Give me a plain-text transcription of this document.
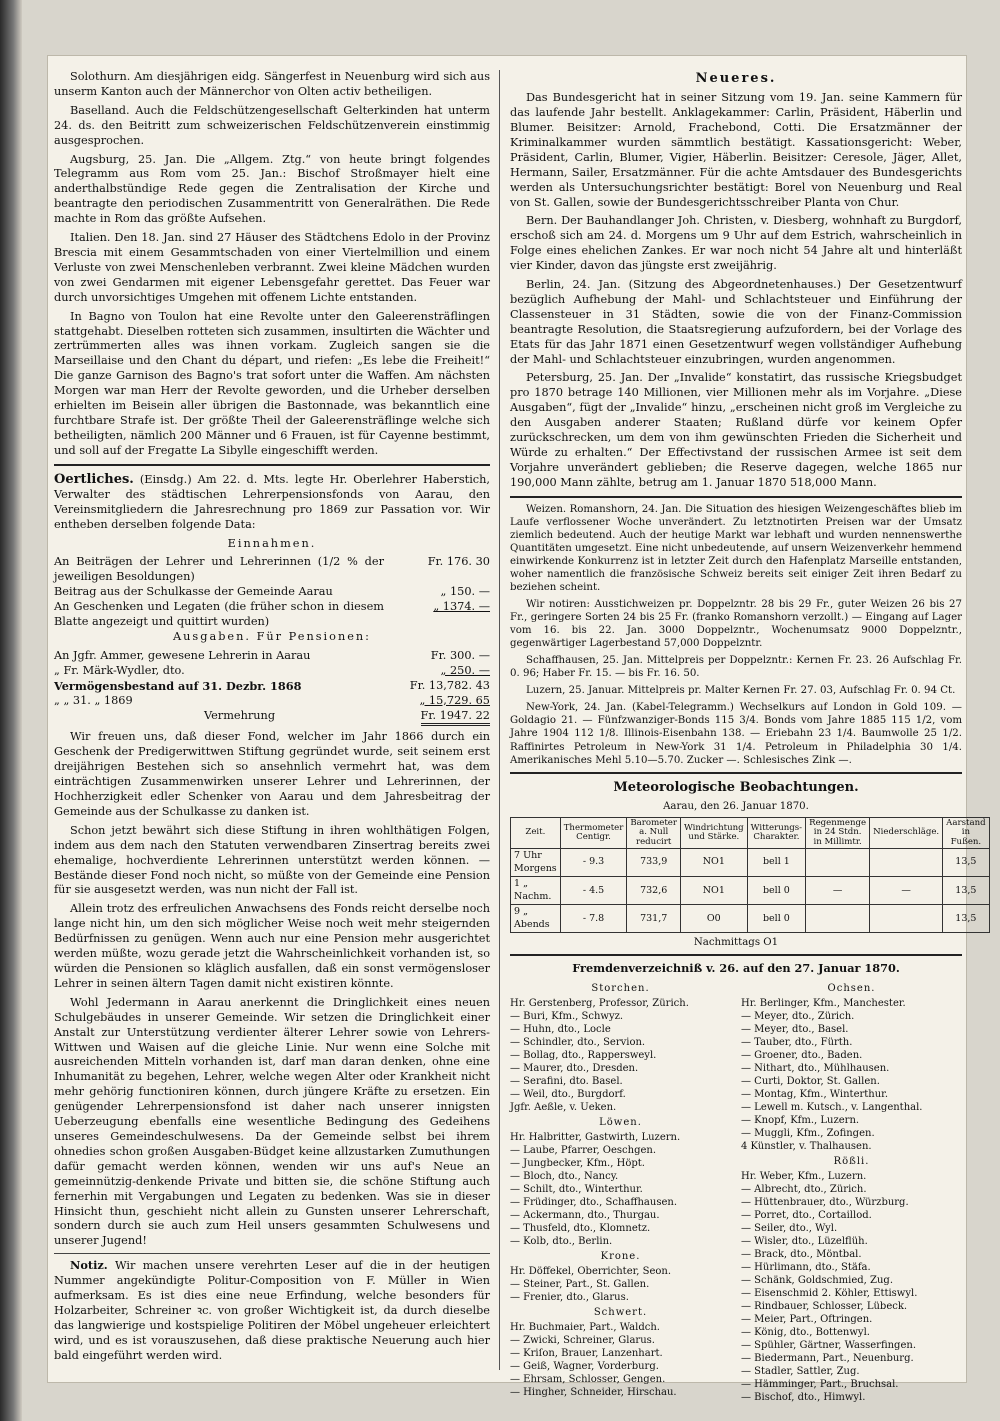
Solothurn. Am diesjährigen eidg. Sängerfest in Neuenburg wird sich aus unserm Kanton auch der Männerchor von Olten activ betheiligen.

Baselland. Auch die Feldschützengesellschaft Gelterkinden hat unterm 24. ds. den Beitritt zum schweizerischen Feldschützenverein einstimmig ausgesprochen.

Augsburg, 25. Jan. Die „Allgem. Ztg.“ von heute bringt folgendes Telegramm aus Rom vom 25. Jan.: Bischof Stroßmayer hielt eine anderthalbstündige Rede gegen die Zentralisation der Kirche und beantragte den periodischen Zusammentritt von Generalräthen. Die Rede machte in Rom das größte Aufsehen.

Italien. Den 18. Jan. sind 27 Häuser des Städtchens Edolo in der Provinz Brescia mit einem Gesammtschaden von einer Viertelmillion und einem Verluste von zwei Menschenleben verbrannt. Zwei kleine Mädchen wurden von zwei Gendarmen mit eigener Lebensgefahr gerettet. Das Feuer war durch unvorsichtiges Umgehen mit offenem Lichte entstanden.

In Bagno von Toulon hat eine Revolte unter den Galeerensträflingen stattgehabt. Dieselben rotteten sich zusammen, insultirten die Wächter und zertrümmerten alles was ihnen vorkam. Zugleich sangen sie die Marseillaise und den Chant du départ, und riefen: „Es lebe die Freiheit!“ Die ganze Garnison des Bagno's trat sofort unter die Waffen. Am nächsten Morgen war man Herr der Revolte geworden, und die Urheber derselben erhielten im Beisein aller übrigen die Bastonnade, was bekanntlich eine furchtbare Strafe ist. Der größte Theil der Galeerensträflinge welche sich betheiligten, nämlich 200 Männer und 6 Frauen, ist für Cayenne bestimmt, und soll auf der Fregatte La Sibylle eingeschifft werden.

Oertliches. (Einsdg.) Am 22. d. Mts. legte Hr. Oberlehrer Haberstich, Verwalter des städtischen Lehrerpensionsfonds von Aarau, den Vereinsmitgliedern die Jahresrechnung pro 1869 zur Passation vor. Wir entheben derselben folgende Data:

Einnahmen.

An Beiträgen der Lehrer und Lehrerinnen (1/2 % der jeweiligen Besoldungen)
Fr. 176. 30
Beitrag aus der Schulkasse der Gemeinde Aarau	„ 150. —
An Geschenken und Legaten (die früher schon in diesem Blatte angezeigt und quittirt wurden)
„ 1374. —

Ausgaben. Für Pensionen:

An Jgfr. Ammer, gewesene Lehrerin in Aarau	Fr. 300. —
„ Fr. Märk-Wydler, dto.	„ 250. —
Vermögensbestand auf 31. Dezbr. 1868	Fr. 13,782. 43
„ „ 31. „ 1869	„ 15,729. 65
Vermehrung	Fr. 1947. 22

Wir freuen uns, daß dieser Fond, welcher im Jahr 1866 durch ein Geschenk der Predigerwittwen Stiftung gegründet wurde, seit seinem erst dreijährigen Bestehen sich so ansehnlich vermehrt hat, was dem einträchtigen Zusammenwirken unserer Lehrer und Lehrerinnen, der Hochherzigkeit edler Schenker von Aarau und dem Jahresbeitrag der Gemeinde aus der Schulkasse zu danken ist.

Schon jetzt bewährt sich diese Stiftung in ihren wohlthätigen Folgen, indem aus dem nach den Statuten verwendbaren Zinsertrag bereits zwei ehemalige, hochverdiente Lehrerinnen unterstützt werden können. — Bestände dieser Fond noch nicht, so müßte von der Gemeinde eine Pension für sie ausgesetzt werden, was nun nicht der Fall ist.

Allein trotz des erfreulichen Anwachsens des Fonds reicht derselbe noch lange nicht hin, um den sich möglicher Weise noch weit mehr steigernden Bedürfnissen zu genügen. Wenn auch nur eine Pension mehr ausgerichtet werden müßte, wozu gerade jetzt die Wahrscheinlichkeit vorhanden ist, so würden die Pensionen so kläglich ausfallen, daß ein sonst vermögensloser Lehrer in seinen ältern Tagen damit nicht existiren könnte.

Wohl Jedermann in Aarau anerkennt die Dringlichkeit eines neuen Schulgebäudes in unserer Gemeinde. Wir setzen die Dringlichkeit einer Anstalt zur Unterstützung verdienter älterer Lehrer sowie von Lehrers-Wittwen und Waisen auf die gleiche Linie. Nur wenn eine Solche mit ausreichenden Mitteln vorhanden ist, darf man daran denken, ohne eine Inhumanität zu begehen, Lehrer, welche wegen Alter oder Krankheit nicht mehr gehörig functioniren können, durch jüngere Kräfte zu ersetzen. Ein genügender Lehrerpensionsfond ist daher nach unserer innigsten Ueberzeugung ebenfalls eine wesentliche Bedingung des Gedeihens unseres Gemeindeschulwesens. Da der Gemeinde selbst bei ihrem ohnedies schon großen Ausgaben-Büdget keine allzustarken Zumuthungen dafür gemacht werden können, wenden wir uns auf's Neue an gemeinnützig-denkende Private und bitten sie, die schöne Stiftung auch fernerhin mit Vergabungen und Legaten zu bedenken. Was sie in dieser Hinsicht thun, geschieht nicht allein zu Gunsten unserer Lehrerschaft, sondern durch sie auch zum Heil unsers gesammten Schulwesens und unserer Jugend!

Notiz. Wir machen unsere verehrten Leser auf die in der heutigen Nummer angekündigte Politur-Composition von F. Müller in Wien aufmerksam. Es ist dies eine neue Erfindung, welche besonders für Holzarbeiter, Schreiner ꝛc. von großer Wichtigkeit ist, da durch dieselbe das langwierige und kostspielige Politiren der Möbel ungeheuer erleichtert wird, und es ist vorauszusehen, daß diese praktische Neuerung auch hier bald eingeführt werden wird.

Neueres.

Das Bundesgericht hat in seiner Sitzung vom 19. Jan. seine Kammern für das laufende Jahr bestellt. Anklagekammer: Carlin, Präsident, Häberlin und Blumer. Beisitzer: Arnold, Frachebond, Cotti. Die Ersatzmänner der Kriminalkammer wurden sämmtlich bestätigt. Kassationsgericht: Weber, Präsident, Carlin, Blumer, Vigier, Häberlin. Beisitzer: Ceresole, Jäger, Allet, Hermann, Sailer, Ersatzmänner. Für die achte Amtsdauer des Bundesgerichts werden als Untersuchungsrichter bestätigt: Borel von Neuenburg und Real von St. Gallen, sowie der Bundesgerichtsschreiber Planta von Chur.

Bern. Der Bauhandlanger Joh. Christen, v. Diesberg, wohnhaft zu Burgdorf, erschoß sich am 24. d. Morgens um 9 Uhr auf dem Estrich, wahrscheinlich in Folge eines ehelichen Zankes. Er war noch nicht 54 Jahre alt und hinterläßt vier Kinder, davon das jüngste erst zweijährig.

Berlin, 24. Jan. (Sitzung des Abgeordnetenhauses.) Der Gesetzentwurf bezüglich Aufhebung der Mahl- und Schlachtsteuer und Einführung der Classensteuer in 31 Städten, sowie die von der Finanz-Commission beantragte Resolution, die Staatsregierung aufzufordern, bei der Vorlage des Etats für das Jahr 1871 einen Gesetzentwurf wegen vollständiger Aufhebung der Mahl- und Schlachtsteuer einzubringen, wurden angenommen.

Petersburg, 25. Jan. Der „Invalide“ konstatirt, das russische Kriegsbudget pro 1870 betrage 140 Millionen, vier Millionen mehr als im Vorjahre. „Diese Ausgaben“, fügt der „Invalide“ hinzu, „erscheinen nicht groß im Vergleiche zu den Ausgaben anderer Staaten; Rußland dürfe vor keinem Opfer zurückschrecken, um dem von ihm gewünschten Frieden die Sicherheit und Würde zu erhalten.“ Der Effectivstand der russischen Armee ist seit dem Vorjahre unverändert geblieben; die Reserve dagegen, welche 1865 nur 190,000 Mann zählte, betrug am 1. Januar 1870 518,000 Mann.

Weizen. Romanshorn, 24. Jan. Die Situation des hiesigen Weizengeschäftes blieb im Laufe verflossener Woche unverändert. Zu letztnotirten Preisen war der Umsatz ziemlich bedeutend. Auch der heutige Markt war lebhaft und wurden nennenswerthe Quantitäten umgesetzt. Eine nicht unbedeutende, auf unsern Weizenverkehr hemmend einwirkende Konkurrenz ist in letzter Zeit durch den Hafenplatz Marseille entstanden, woher namentlich die französische Schweiz bereits seit einiger Zeit ihren Bedarf zu beziehen scheint.

Wir notiren: Ausstichweizen pr. Doppelzntr. 28 bis 29 Fr., guter Weizen 26 bis 27 Fr., geringere Sorten 24 bis 25 Fr. (franko Romanshorn verzollt.) — Eingang auf Lager vom 16. bis 22. Jan. 3000 Doppelzntr., Wochenumsatz 9000 Doppelzntr., gegenwärtiger Lagerbestand 57,000 Doppelzntr.

Schaffhausen, 25. Jan. Mittelpreis per Doppelzntr.: Kernen Fr. 23. 26 Aufschlag Fr. 0. 96; Haber Fr. 15. — bis Fr. 16. 50.

Luzern, 25. Januar. Mittelpreis pr. Malter Kernen Fr. 27. 03, Aufschlag Fr. 0. 94 Ct.

New-York, 24. Jan. (Kabel-Telegramm.) Wechselkurs auf London in Gold 109. — Goldagio 21. — Fünfzwanziger-Bonds 115 3/4. Bonds vom Jahre 1885 115 1/2, vom Jahre 1904 112 1/8. Illinois-Eisenbahn 138. — Eriebahn 23 1/4. Baumwolle 25 1/2. Raffinirtes Petroleum in New-York 31 1/4. Petroleum in Philadelphia 30 1/4. Amerikanisches Mehl 5.10—5.70. Zucker —. Schlesisches Zink —.

Meteorologische Beobachtungen.

Aarau, den 26. Januar 1870.

Zeit.	Thermometer Centigr.	Barometer a. Null reducirt	Windrichtung und Stärke.	Witterungs-Charakter.	Regenmenge in 24 Stdn. in Millimtr.	Niederschläge.	Aarstand in Fußen.
7 Uhr Morgens	- 9.3	733,9	NO1	bell 1			13,5
1 „ Nachm.	- 4.5	732,6	NO1	bell 0	—	—	13,5
9 „ Abends	- 7.8	731,7	O0	bell 0			13,5

Nachmittags O1

Fremdenverzeichniß v. 26. auf den 27. Januar 1870.

Storchen.
Hr. Gerstenberg, Professor, Zürich.
— Buri, Kfm., Schwyz.
— Huhn, dto., Locle
— Schindler, dto., Servion.
— Bollag, dto., Rappersweyl.
— Maurer, dto., Dresden.
— Serafini, dto. Basel.
— Weil, dto., Burgdorf.
Jgfr. Aeßle, v. Ueken.
Löwen.
Hr. Halbritter, Gastwirth, Luzern.
— Laube, Pfarrer, Oeschgen.
— Jungbecker, Kfm., Höpt.
— Bloch, dto., Nancy.
— Schilt, dto., Winterthur.
— Früdinger, dto., Schaffhausen.
— Ackermann, dto., Thurgau.
— Thusfeld, dto., Klomnetz.
— Kolb, dto., Berlin.
Krone.
Hr. Döffekel, Oberrichter, Seon.
— Steiner, Part., St. Gallen.
— Frenier, dto., Glarus.
Schwert.
Hr. Buchmaier, Part., Waldch.
— Zwicki, Schreiner, Glarus.
— Kriſon, Brauer, Lanzenhart.
— Geiß, Wagner, Vorderburg.
— Ehrsam, Schlosser, Gengen.
— Hingher, Schneider, Hirschau.
Ochsen.
Hr. Berlinger, Kfm., Manchester.
— Meyer, dto., Zürich.
— Meyer, dto., Basel.
— Tauber, dto., Fürth.
— Groener, dto., Baden.
— Nithart, dto., Mühlhausen.
— Curti, Doktor, St. Gallen.
— Montag, Kfm., Winterthur.
— Lewell m. Kutsch., v. Langenthal.
— Knopf, Kfm., Luzern.
— Muggli, Kfm., Zofingen.
4 Künstler, v. Thalhausen.
Rößli.
Hr. Weber, Kfm., Luzern.
— Albrecht, dto., Zürich.
— Hüttenbrauer, dto., Würzburg.
— Porret, dto., Cortaillod.
— Seiler, dto., Wyl.
— Wisler, dto., Lüzelflüh.
— Brack, dto., Möntbal.
— Hürlimann, dto., Stäfa.
— Schänk, Goldschmied, Zug.
— Eisenschmid 2. Köhler, Ettiswyl.
— Rindbauer, Schlosser, Lübeck.
— Meier, Part., Oftringen.
— König, dto., Bottenwyl.
— Spühler, Gärtner, Wasserfingen.
— Biedermann, Part., Neuenburg.
— Stadler, Sattler, Zug.
— Hämminger, Part., Bruchsal.
— Bischof, dto., Himwyl.
